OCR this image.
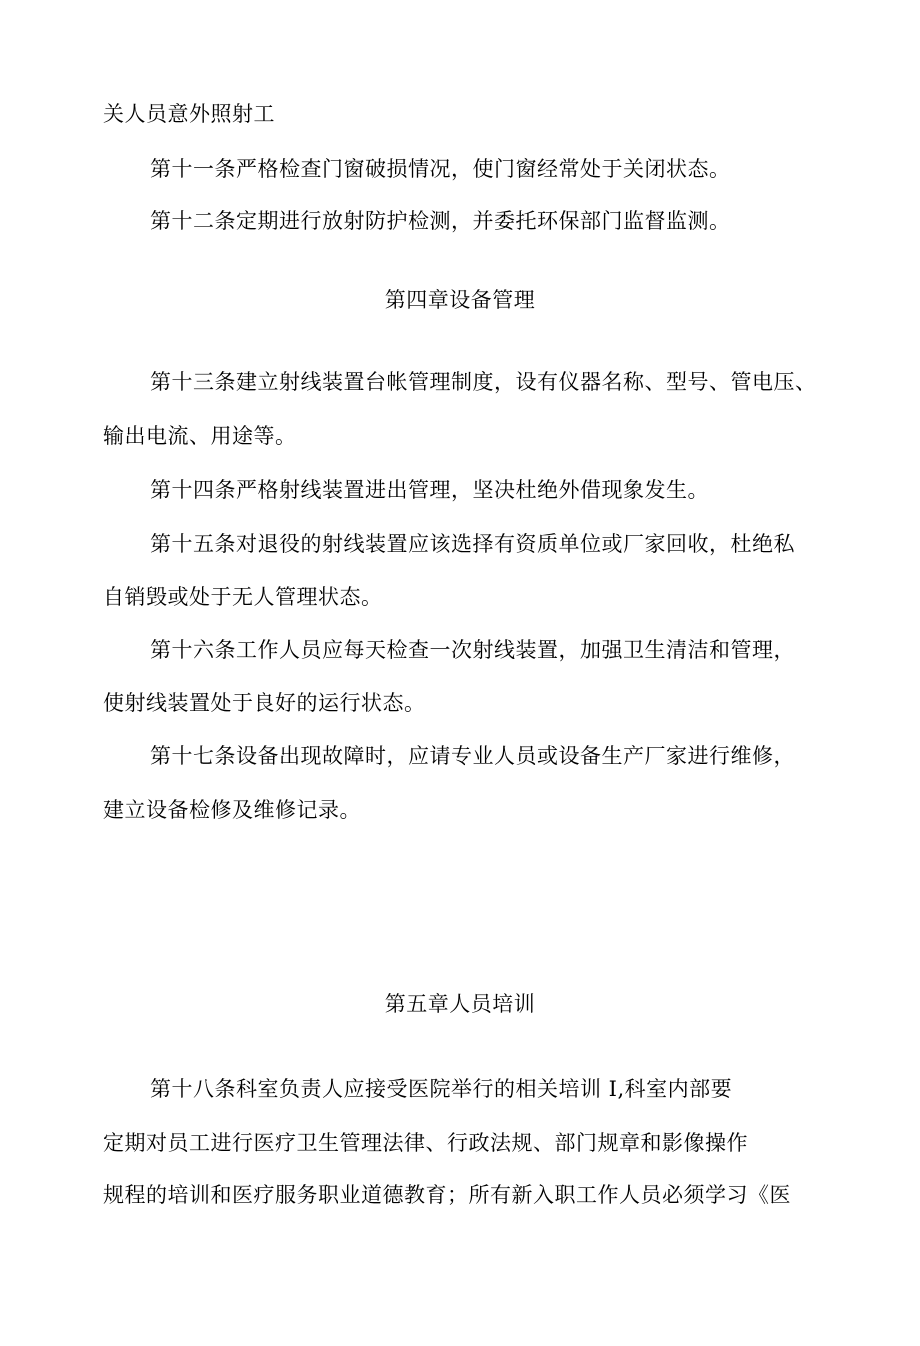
关人员意外照射工
第十一条严格检查门窗破损情况，使门窗经常处于关闭状态。
第十二条定期进行放射防护检测，并委托环保部门监督监测。
第四章设备管理
第十三条建立射线装置台帐管理制度，设有仪器名称、型号、管电压、
输出电流、用途等。
第十四条严格射线装置进出管理，坚决杜绝外借现象发生。
第十五条对退役的射线装置应该选择有资质单位或厂家回收，杜绝私
自销毁或处于无人管理状态。
第十六条工作人员应每天检查一次射线装置，加强卫生清洁和管理，
使射线装置处于良好的运行状态。
第十七条设备出现故障时，应请专业人员或设备生产厂家进行维修，
建立设备检修及维修记录。
第五章人员培训
第十八条科室负责人应接受医院举行的相关培训 I,科室内部要
定期对员工进行医疗卫生管理法律、行政法规、部门规章和影像操作
规程的培训和医疗服务职业道德教育；所有新入职工作人员必须学习《医
